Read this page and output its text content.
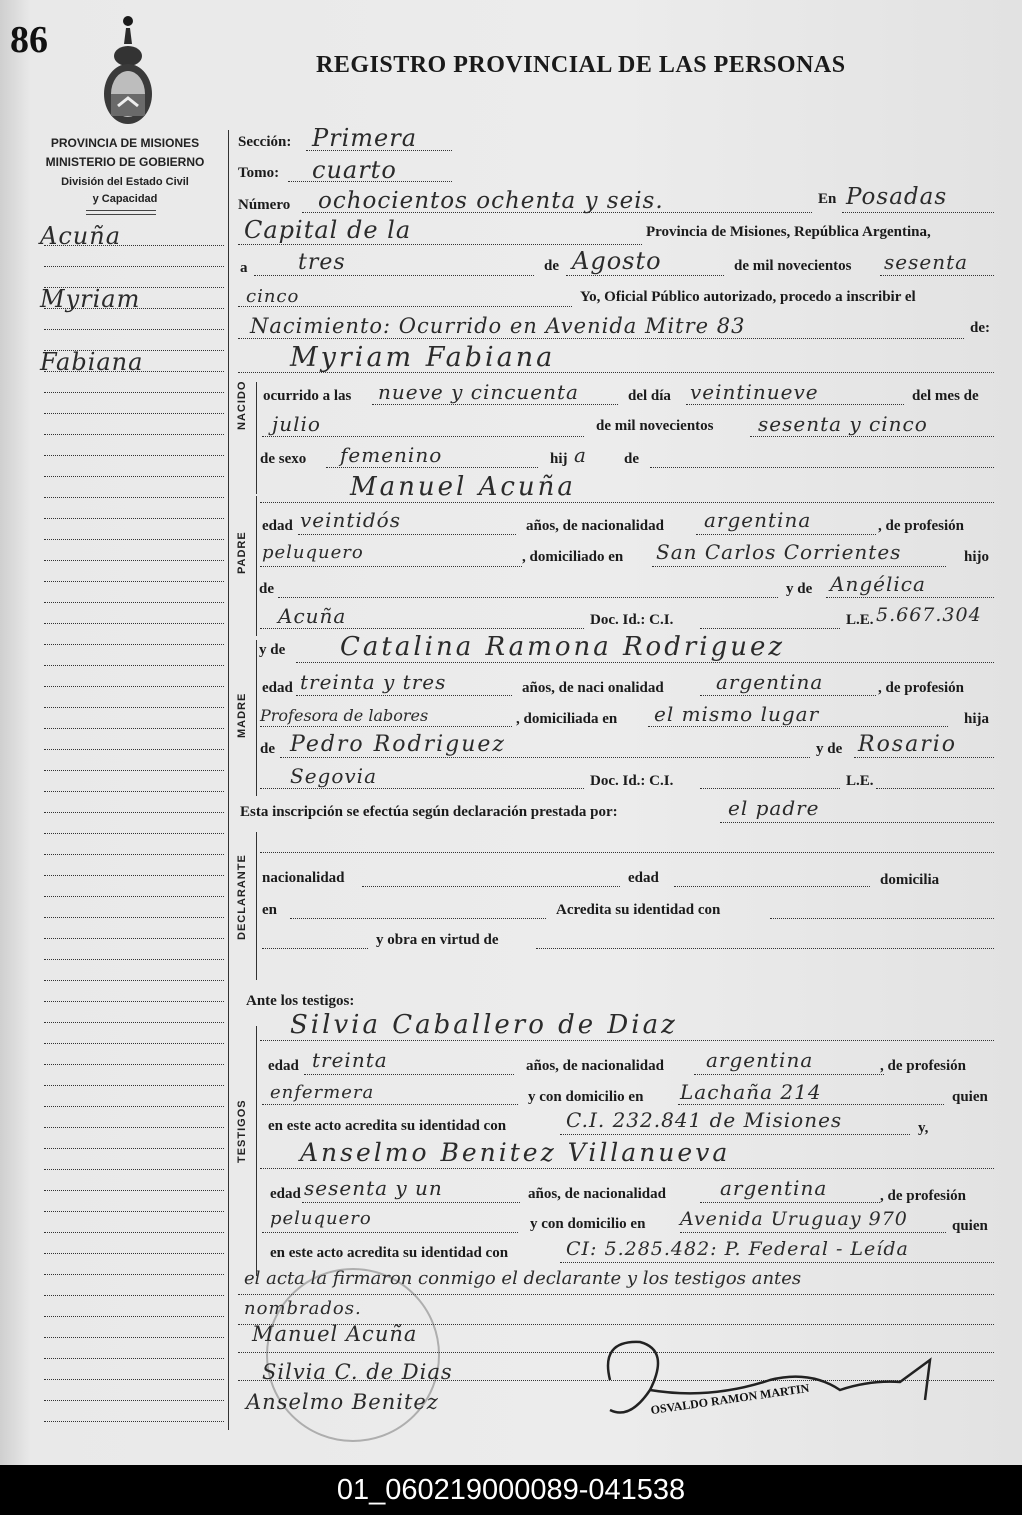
86
REGISTRO PROVINCIAL DE LAS PERSONAS
PROVINCIA DE MISIONES
MINISTERIO DE GOBIERNO
División del Estado Civil
y Capacidad
Acuña
Myriam
Fabiana
NACIDO
PADRE
MADRE
DECLARANTE
TESTIGOS
Sección: Primera
Tomo: cuarto
Número ochocientos ochenta y seis.	En Posadas
Capital de la	Provincia de Misiones, República Argentina,
a tres	de Agosto	de mil novecientos sesenta
cinco	Yo, Oficial Público autorizado, procedo a inscribir el
Nacimiento: Ocurrido en Avenida Mitre 83	de:
Myriam Fabiana
ocurrido a las nueve y cincuenta	del día veintinueve	del mes de
julio	de mil novecientos sesenta y cinco
de sexo femenino	hij a de
Manuel Acuña
edad veintidós	años, de nacionalidad argentina	, de profesión
peluquero	, domiciliado en San Carlos Corrientes	hijo
de	y de Angélica
Acuña	Doc. Id.: C.I.	L.E. 5.667.304
y de Catalina Ramona Rodriguez
edad treinta y tres	años, de naci onalidad	argentina	, de profesión
Profesora de labores	, domiciliada en el mismo lugar	hija
de Pedro Rodriguez	y de Rosario
Segovia	Doc. Id.: C.I.	L.E.
Esta inscripción se efectúa según declaración prestada por:	el padre
nacionalidad	edad	domicilia
en	Acredita su identidad con
y obra en virtud de
Ante los testigos:
Silvia Caballero de Diaz
edad treinta	años, de nacionalidad argentina	, de profesión
enfermera	y con domicilio en Lachaña 214	quien
en este acto acredita su identidad con	C.I. 232.841 de Misiones	y,
Anselmo Benitez Villanueva
edad sesenta y un	años, de nacionalidad	argentina	, de profesión
peluquero	y con domicilio en Avenida Uruguay 970	quien
en este acto acredita su identidad con	CI: 5.285.482: P. Federal - Leída
el acta la firmaron conmigo el declarante y los testigos antes
nombrados.
Manuel Acuña
Silvia C. de Dias
Anselmo Benitez	OSVALDO RAMON MARTIN
01_060219000089-041538
